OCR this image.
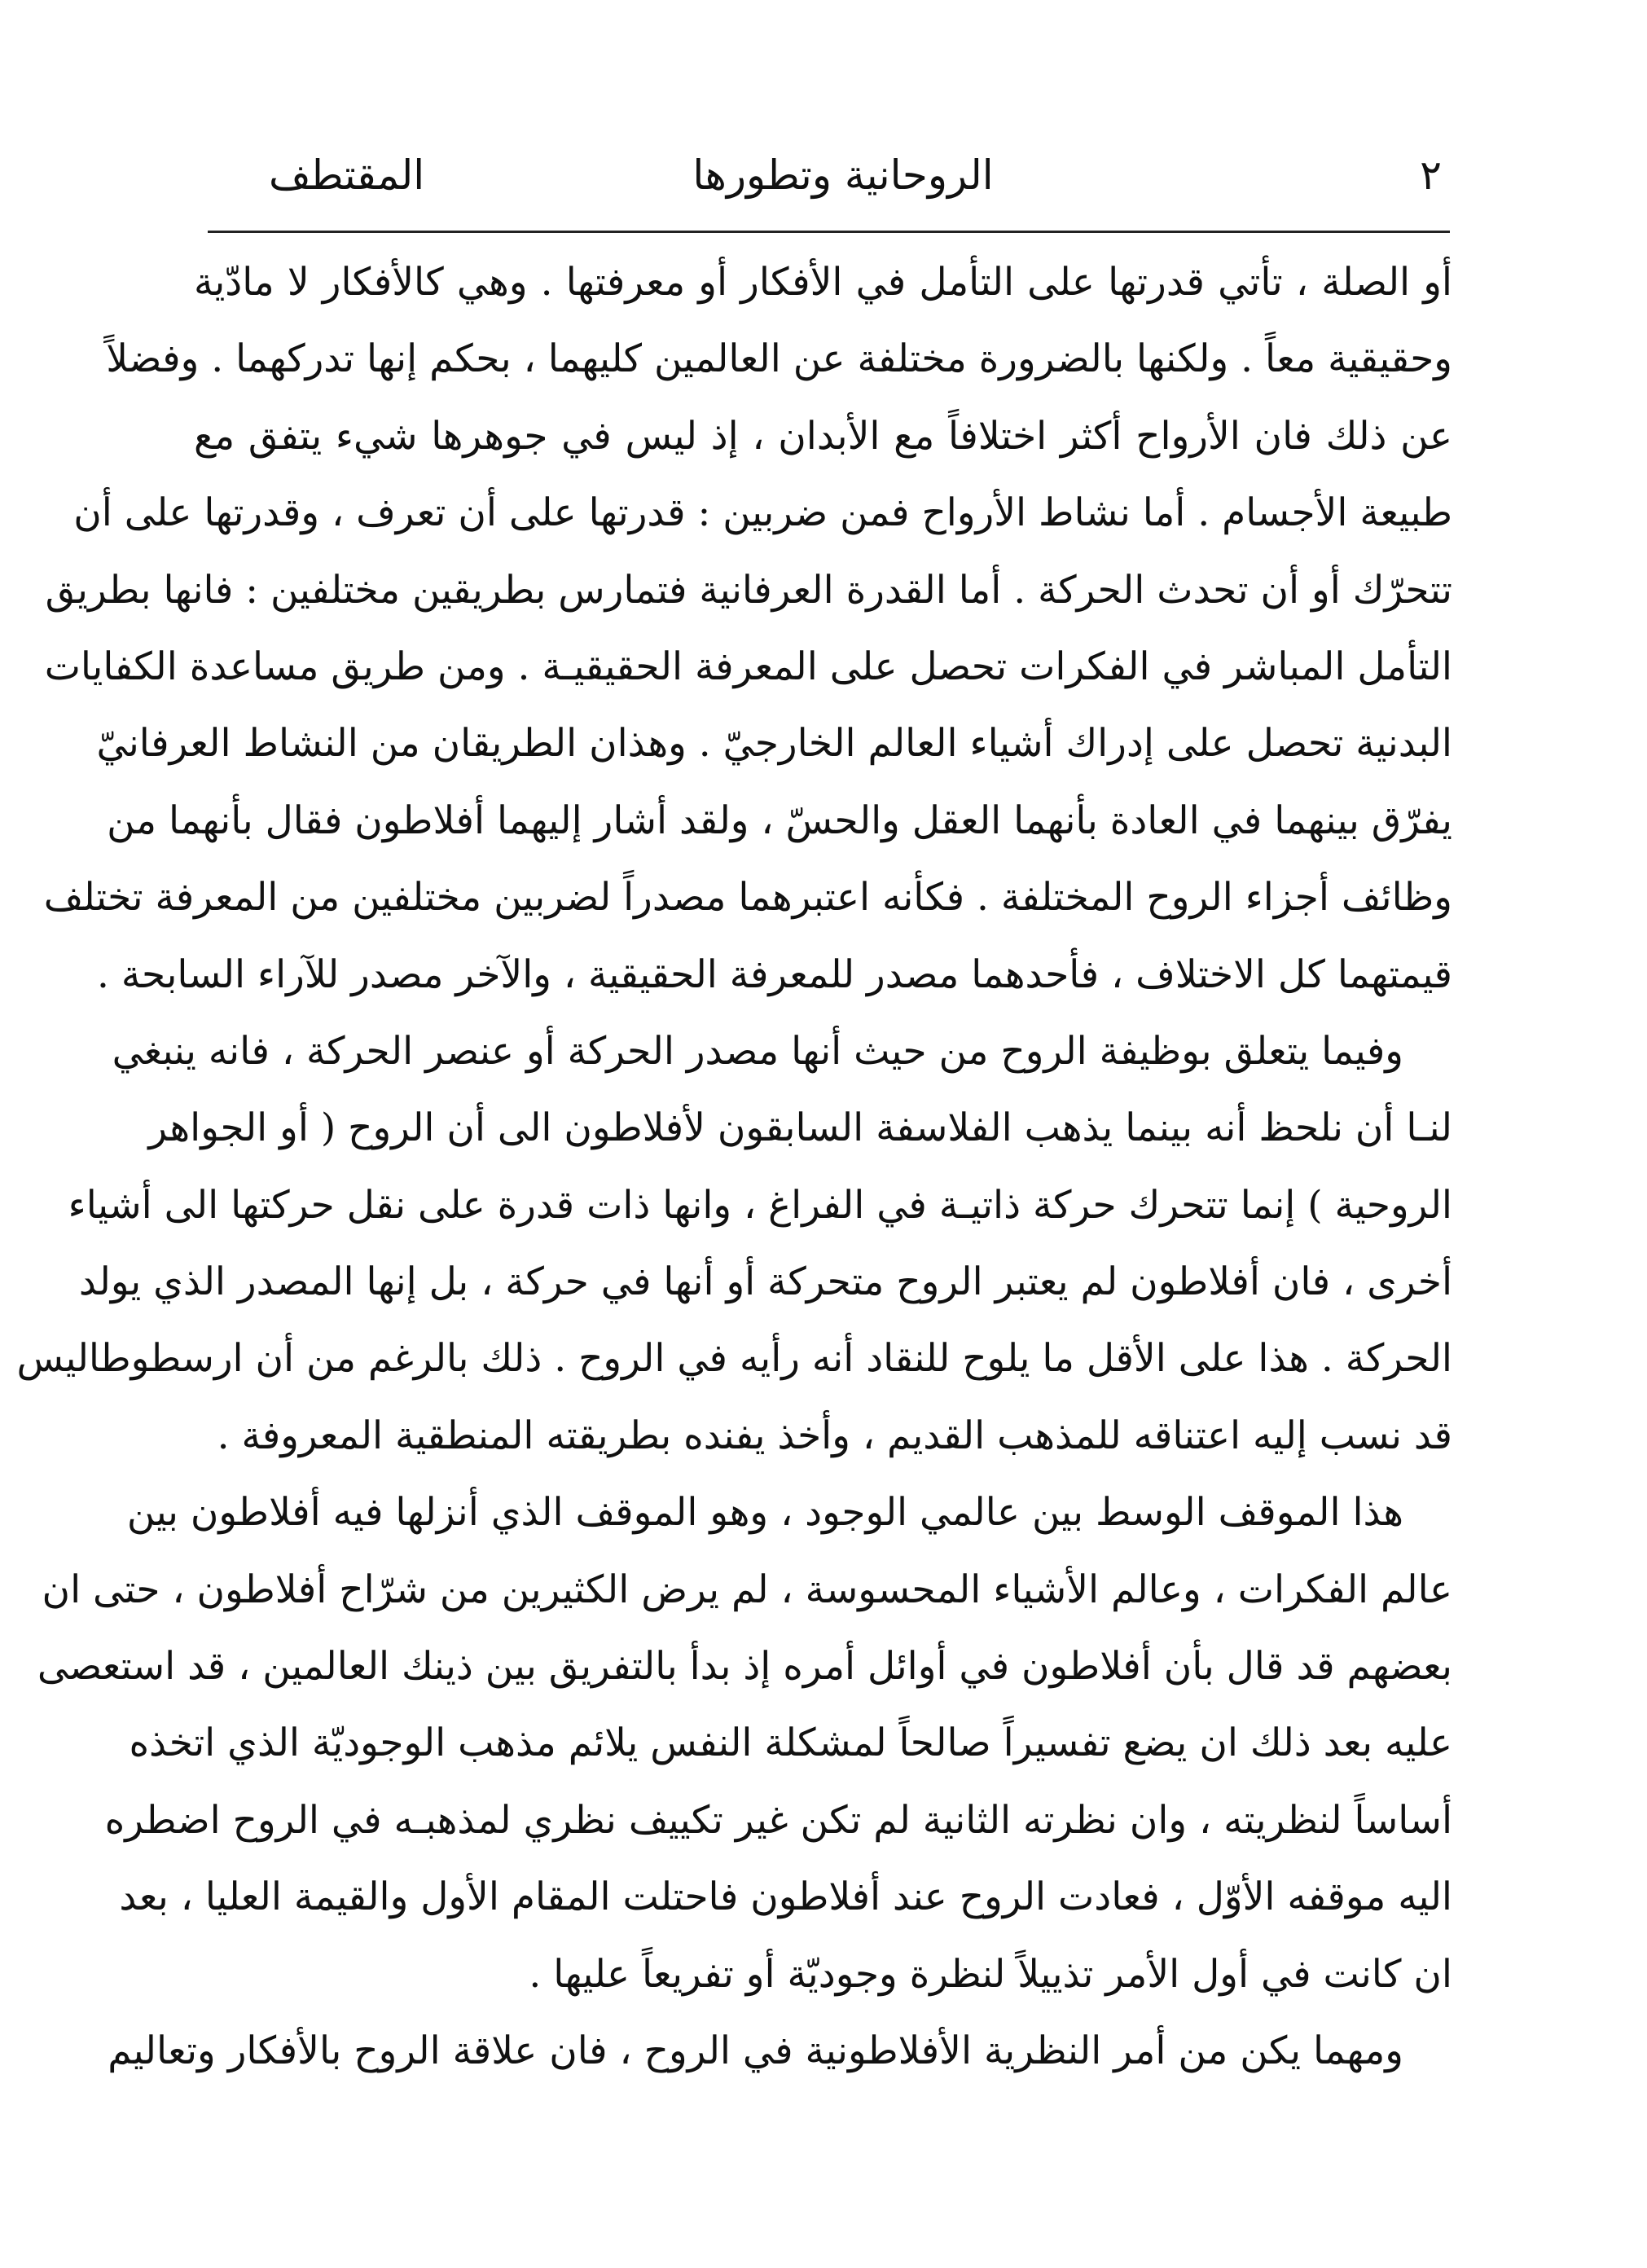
٢
الروحانية وتطورها
المقتطف
أو الصلة ، تأتي قدرتها على التأمل في الأفكار أو معرفتها . وهي كالأفكار لا مادّية
وحقيقية معاً . ولكنها بالضرورة مختلفة عن العالمين كليهما ، بحكم إنها تدركهما . وفضلاً
عن ذلك فان الأرواح أكثر اختلافاً مع الأبدان ، إذ ليس في جوهرها شيء يتفق مع
طبيعة الأجسام . أما نشاط الأرواح فمن ضربين : قدرتها على أن تعرف ، وقدرتها على أن
تتحرّك أو أن تحدث الحركة . أما القدرة العرفانية فتمارس بطريقين مختلفين : فانها بطريق
التأمل المباشر في الفكرات تحصل على المعرفة الحقيقيـة . ومن طريق مساعدة الكفايات
البدنية تحصل على إدراك أشياء العالم الخارجيّ . وهذان الطريقان من النشاط العرفانيّ
يفرّق بينهما في العادة بأنهما العقل والحسّ ، ولقد أشار إليهما أفلاطون فقال بأنهما من
وظائف أجزاء الروح المختلفة . فكأنه اعتبرهما مصدراً لضربين مختلفين من المعرفة تختلف
قيمتهما كل الاختلاف ، فأحدهما مصدر للمعرفة الحقيقية ، والآخر مصدر للآراء السابحة .
وفيما يتعلق بوظيفة الروح من حيث أنها مصدر الحركة أو عنصر الحركة ، فانه ينبغي
لنـا أن نلحظ أنه بينما يذهب الفلاسفة السابقون لأفلاطون الى أن الروح ( أو الجواهر
الروحية ) إنما تتحرك حركة ذاتيـة في الفراغ ، وانها ذات قدرة على نقل حركتها الى أشياء
أخرى ، فان أفلاطون لم يعتبر الروح متحركة أو أنها في حركة ، بل إنها المصدر الذي يولد
الحركة . هذا على الأقل ما يلوح للنقاد أنه رأيه في الروح . ذلك بالرغم من أن ارسطوطاليس
قد نسب إليه اعتناقه للمذهب القديم ، وأخذ يفنده بطريقته المنطقية المعروفة .
هذا الموقف الوسط بين عالمي الوجود ، وهو الموقف الذي أنزلها فيه أفلاطون بين
عالم الفكرات ، وعالم الأشياء المحسوسة ، لم يرض الكثيرين من شرّاح أفلاطون ، حتى ان
بعضهم قد قال بأن أفلاطون في أوائل أمره إذ بدأ بالتفريق بين ذينك العالمين ، قد استعصى
عليه بعد ذلك ان يضع تفسيراً صالحاً لمشكلة النفس يلائم مذهب الوجوديّة الذي اتخذه
أساساً لنظريته ، وان نظرته الثانية لم تكن غير تكييف نظري لمذهبـه في الروح اضطره
اليه موقفه الأوّل ، فعادت الروح عند أفلاطون فاحتلت المقام الأول والقيمة العليا ، بعد
ان كانت في أول الأمر تذييلاً لنظرة وجوديّة أو تفريعاً عليها .
ومهما يكن من أمر النظرية الأفلاطونية في الروح ، فان علاقة الروح بالأفكار وتعاليم
